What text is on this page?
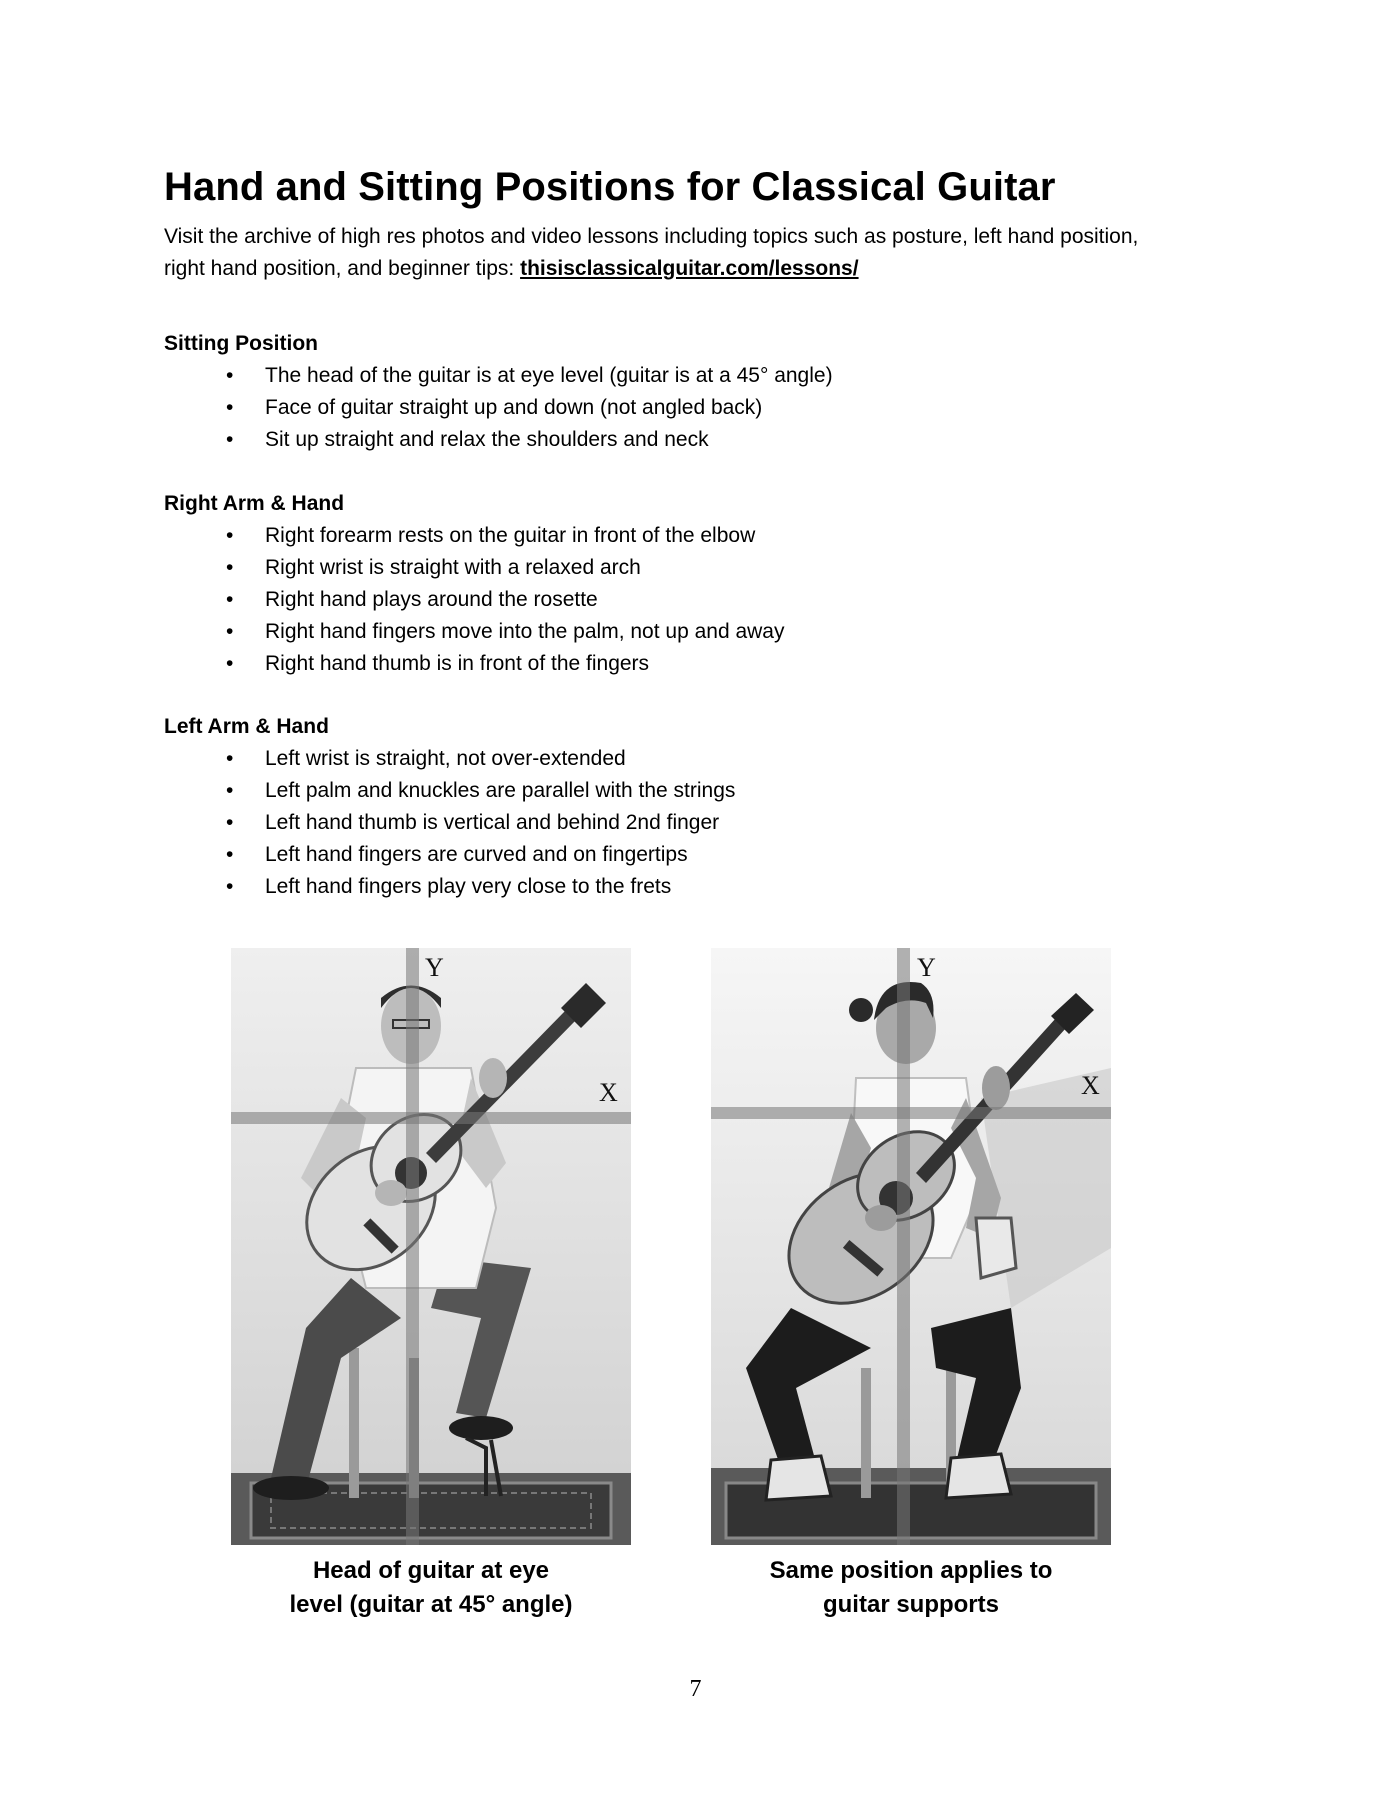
Hand and Sitting Positions for Classical Guitar

Visit the archive of high res photos and video lessons including topics such as posture, left hand position, right hand position, and beginner tips: thisisclassicalguitar.com/lessons/

Sitting Position
• The head of the guitar is at eye level (guitar is at a 45° angle)
• Face of guitar straight up and down (not angled back)
• Sit up straight and relax the shoulders and neck
Right Arm & Hand
• Right forearm rests on the guitar in front of the elbow
• Right wrist is straight with a relaxed arch
• Right hand plays around the rosette
• Right hand fingers move into the palm, not up and away
• Right hand thumb is in front of the fingers
Left Arm & Hand
• Left wrist is straight, not over-extended
• Left palm and knuckles are parallel with the strings
• Left hand thumb is vertical and behind 2nd finger
• Left hand fingers are curved and on fingertips
• Left hand fingers play very close to the frets
Y
X
Y
X
Head of guitar at eye
level (guitar at 45° angle)
Same position applies to
guitar supports
7
